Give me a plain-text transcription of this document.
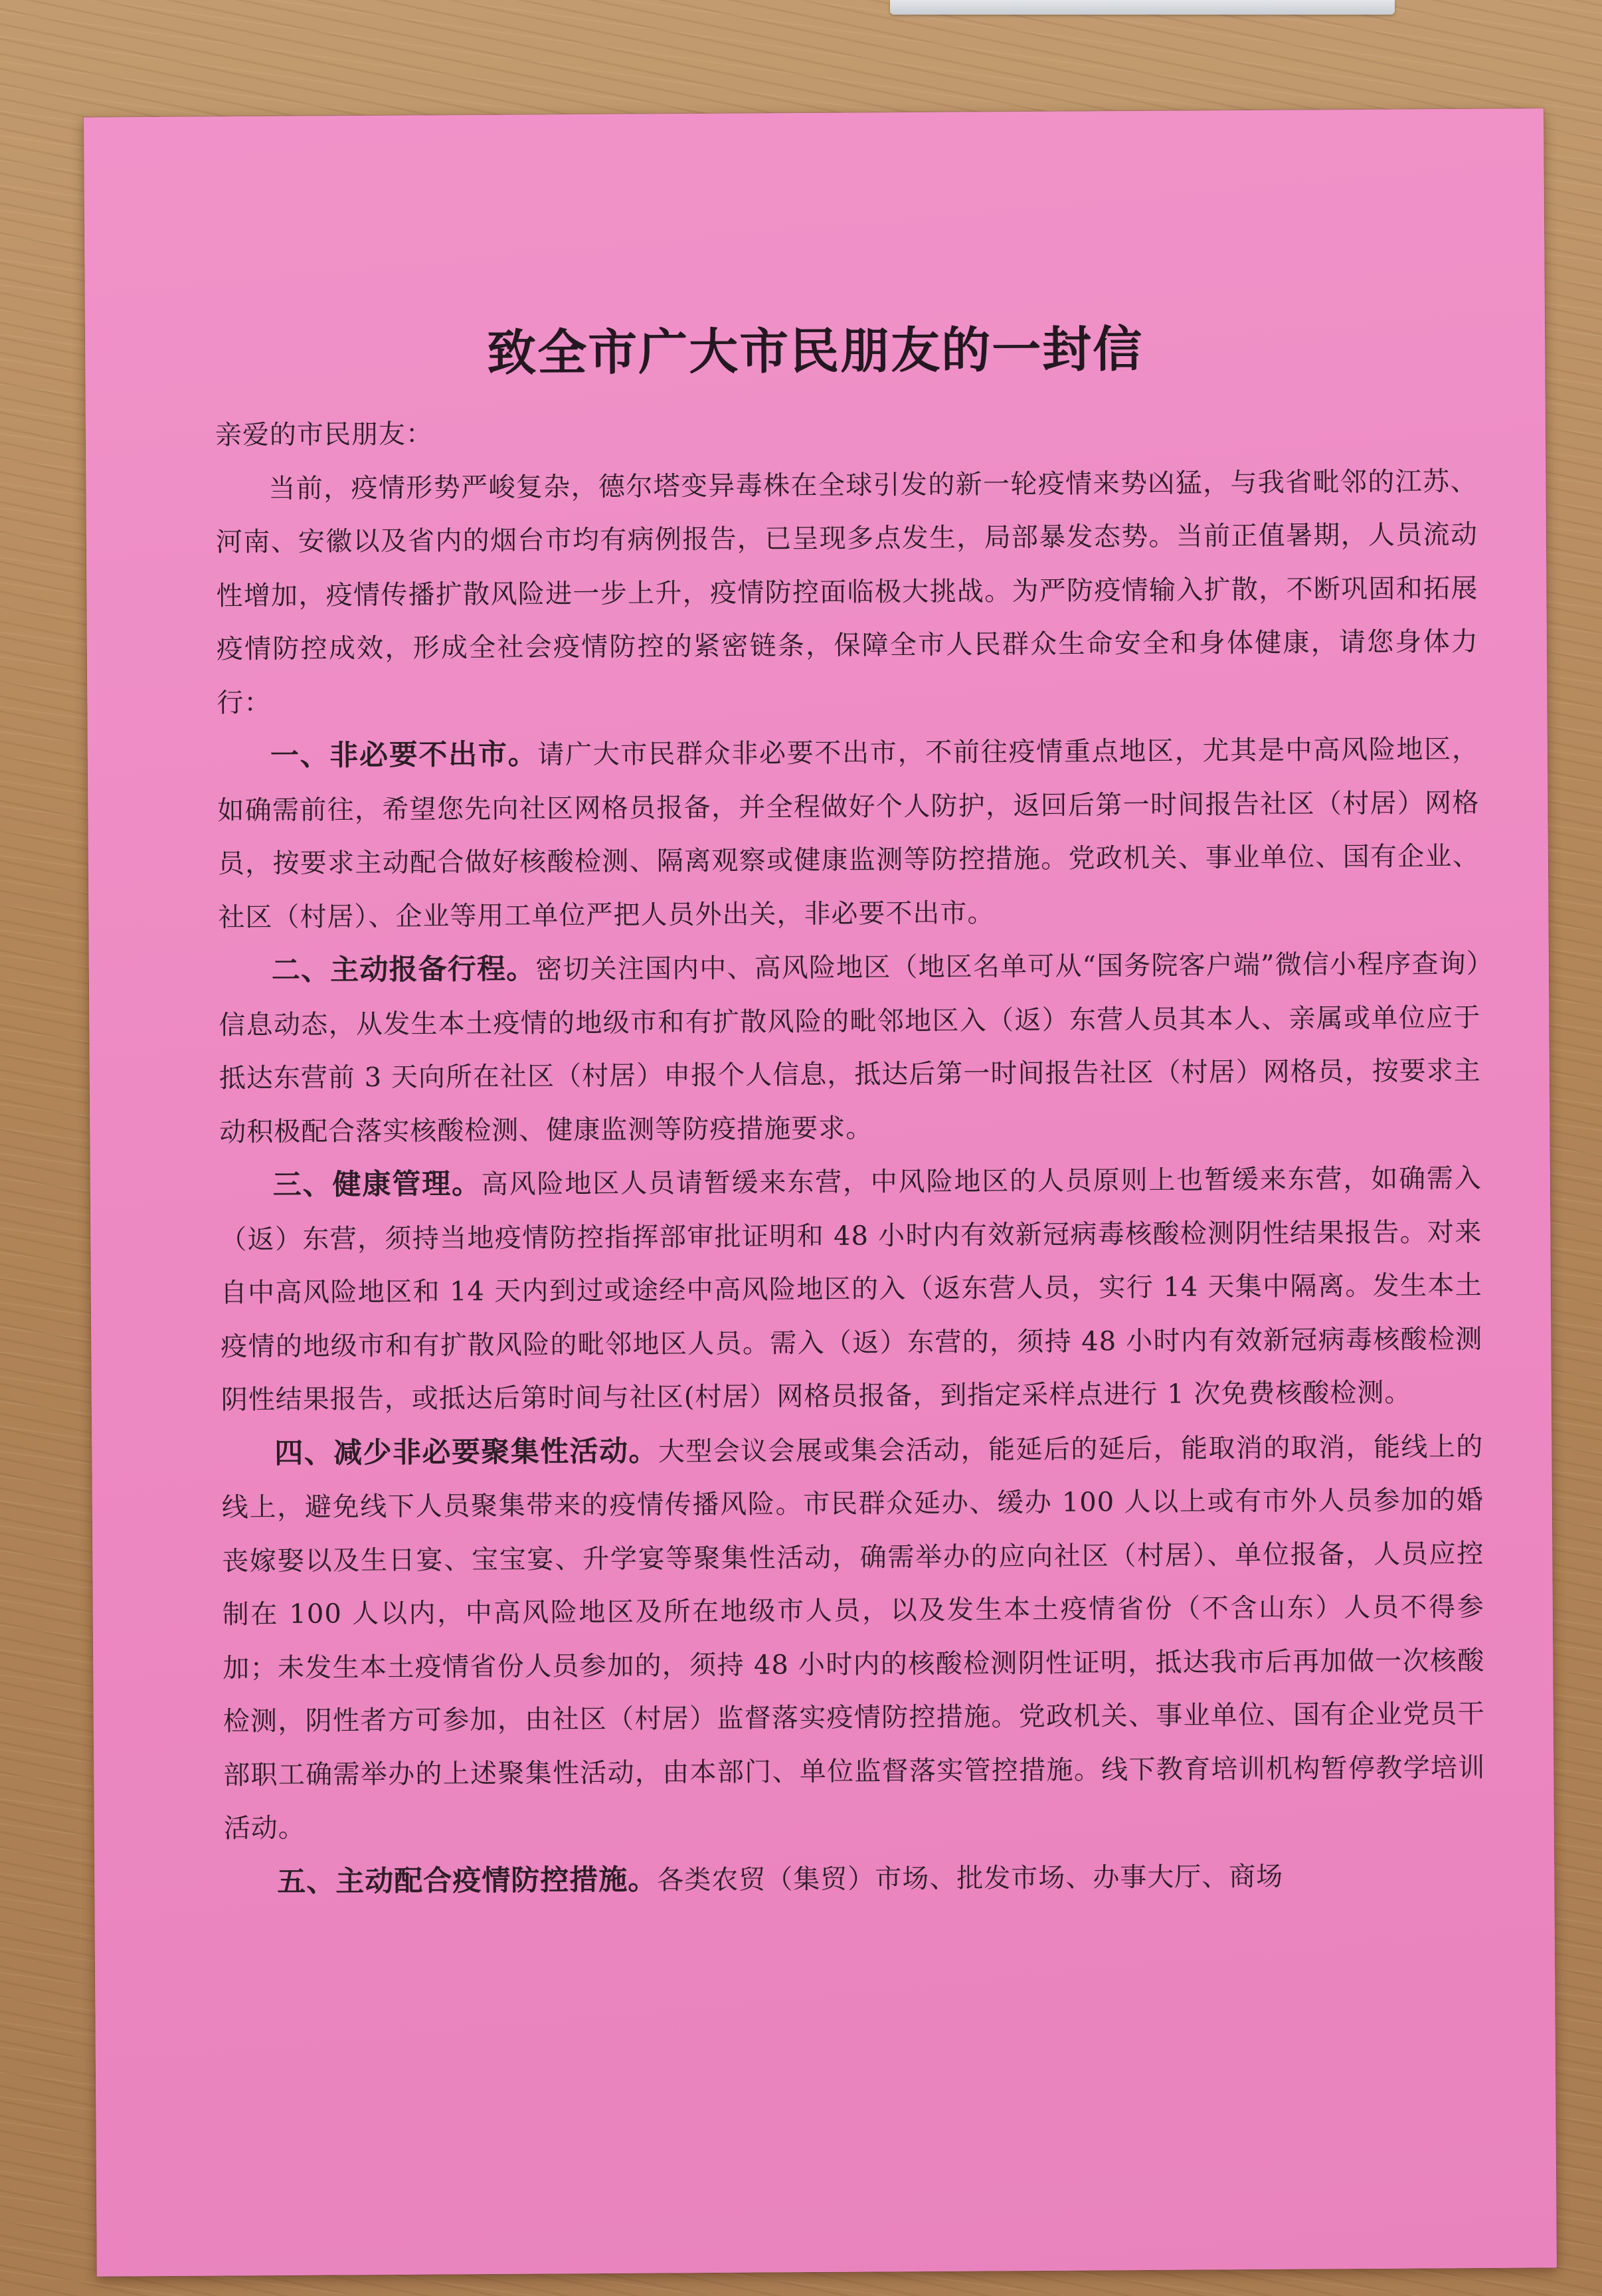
致全市广大市民朋友的一封信

亲爱的市民朋友：

当前，疫情形势严峻复杂，德尔塔变异毒株在全球引发的新一轮疫情来势凶猛，与我省毗邻的江苏、河南、安徽以及省内的烟台市均有病例报告，已呈现多点发生，局部暴发态势。当前正值暑期，人员流动性增加，疫情传播扩散风险进一步上升，疫情防控面临极大挑战。为严防疫情输入扩散，不断巩固和拓展疫情防控成效，形成全社会疫情防控的紧密链条，保障全市人民群众生命安全和身体健康，请您身体力行：

一、非必要不出市。请广大市民群众非必要不出市，不前往疫情重点地区，尤其是中高风险地区，如确需前往，希望您先向社区网格员报备，并全程做好个人防护，返回后第一时间报告社区（村居）网格员，按要求主动配合做好核酸检测、隔离观察或健康监测等防控措施。党政机关、事业单位、国有企业、社区（村居）、企业等用工单位严把人员外出关，非必要不出市。

二、主动报备行程。密切关注国内中、高风险地区（地区名单可从“国务院客户端”微信小程序查询）信息动态，从发生本土疫情的地级市和有扩散风险的毗邻地区入（返）东营人员其本人、亲属或单位应于抵达东营前 3 天向所在社区（村居）申报个人信息，抵达后第一时间报告社区（村居）网格员，按要求主动积极配合落实核酸检测、健康监测等防疫措施要求。

三、健康管理。高风险地区人员请暂缓来东营，中风险地区的人员原则上也暂缓来东营，如确需入（返）东营，须持当地疫情防控指挥部审批证明和 48 小时内有效新冠病毒核酸检测阴性结果报告。对来自中高风险地区和 14 天内到过或途经中高风险地区的入（返东营人员，实行 14 天集中隔离。发生本土疫情的地级市和有扩散风险的毗邻地区人员。需入（返）东营的，须持 48 小时内有效新冠病毒核酸检测阴性结果报告，或抵达后第时间与社区(村居）网格员报备，到指定采样点进行 1 次免费核酸检测。

四、减少非必要聚集性活动。大型会议会展或集会活动，能延后的延后，能取消的取消，能线上的线上，避免线下人员聚集带来的疫情传播风险。市民群众延办、缓办 100 人以上或有市外人员参加的婚丧嫁娶以及生日宴、宝宝宴、升学宴等聚集性活动，确需举办的应向社区（村居）、单位报备，人员应控制在 100 人以内，中高风险地区及所在地级市人员，以及发生本土疫情省份（不含山东）人员不得参加；未发生本土疫情省份人员参加的，须持 48 小时内的核酸检测阴性证明，抵达我市后再加做一次核酸检测，阴性者方可参加，由社区（村居）监督落实疫情防控措施。党政机关、事业单位、国有企业党员干部职工确需举办的上述聚集性活动，由本部门、单位监督落实管控措施。线下教育培训机构暂停教学培训活动。

五、主动配合疫情防控措施。各类农贸（集贸）市场、批发市场、办事大厅、商场
